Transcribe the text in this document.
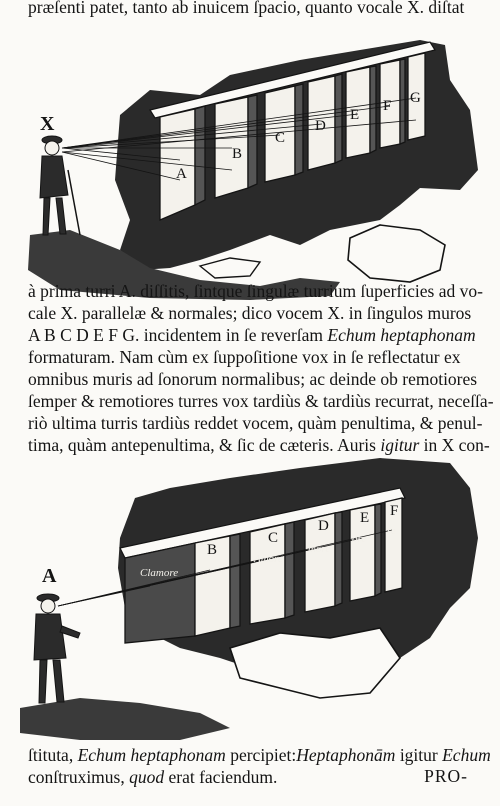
præſenti patet, tanto ab inuicem ſpacio, quanto vocale X. diſtat
X
A
B
C
D
E
F G
à prima turri A. diſſitis, ſintque ſingulæ turrium ſuperficies ad vo-
cale X. parallelæ & normales; dico vocem X. in ſingulos muros
A B C D E F G. incidentem in ſe reverſam Echum heptaphonam
formaturam. Nam cùm ex ſuppoſitione vox in ſe reflectatur ex
omnibus muris ad ſonorum normalibus; ac deinde ob remotiores
ſemper & remotiores turres vox tardiùs & tardiùs recurrat, neceſſa-
riò ultima turris tardiùs reddet vocem, quàm penultima, & penul-
tima, quàm antepenultima, & ſic de cæteris. Auris igitur in X con-
A
B
C
D E F
Clamore
Amore
more
ore
re
ſtituta, Echum heptaphonam percipiet:Heptaphonām igitur Echum
conſtruximus, quod erat faciendum.	PRO-
